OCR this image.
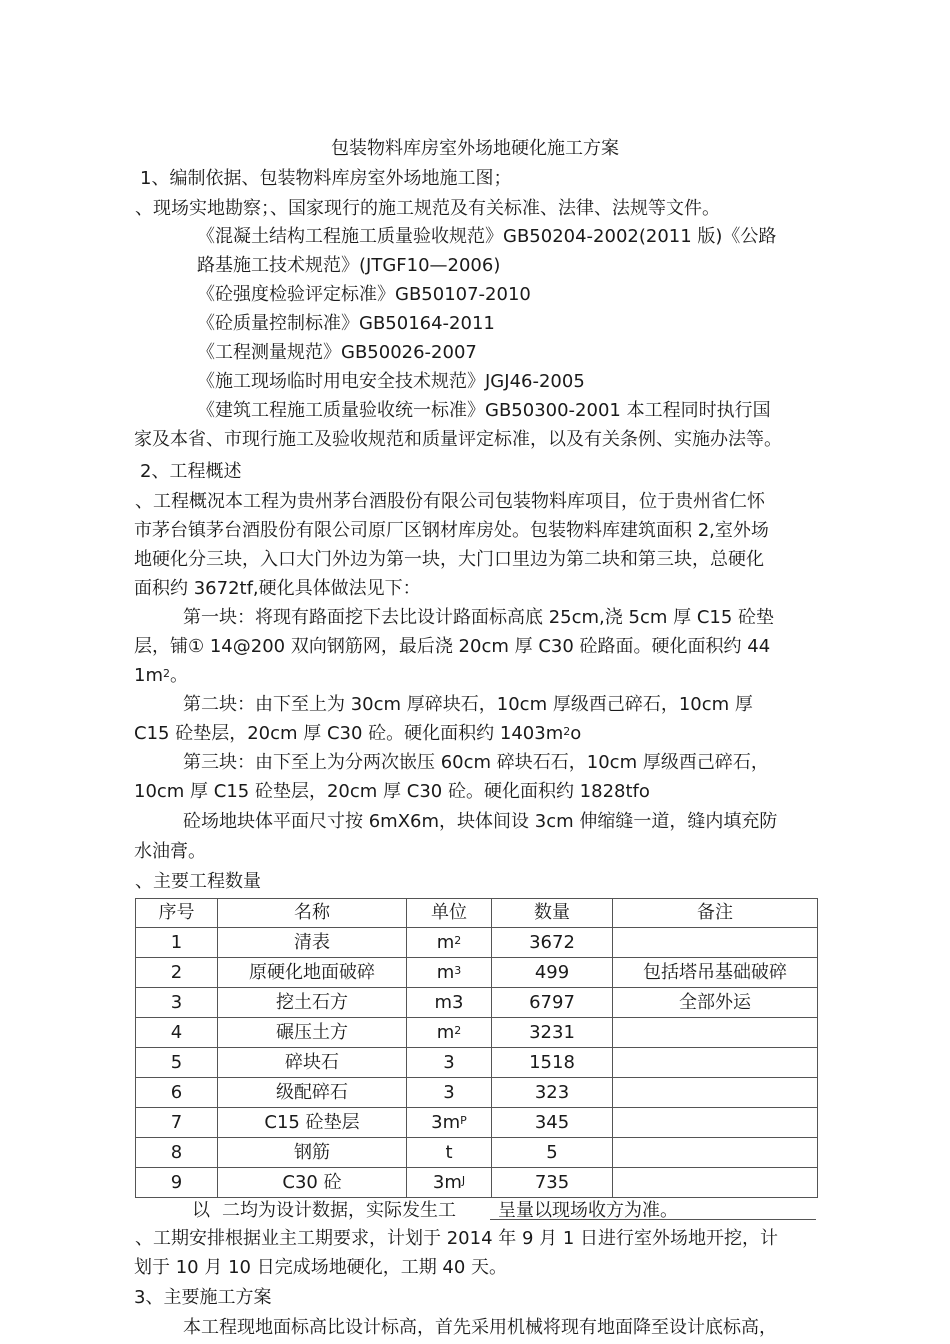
包装物料库房室外场地硬化施工方案
1、编制依据、包装物料库房室外场地施工图；
、现场实地勘察；、国家现行的施工规范及有关标准、法律、法规等文件。
《混凝土结构工程施工质量验收规范》GB50204-2002(2011 版)《公路
路基施工技术规范》(JTGF10—2006)
《砼强度检验评定标准》GB50107-2010
《砼质量控制标准》GB50164-2011
《工程测量规范》GB50026-2007
《施工现场临时用电安全技术规范》JGJ46-2005
《建筑工程施工质量验收统一标准》GB50300-2001 本工程同时执行国
家及本省、市现行施工及验收规范和质量评定标准，以及有关条例、实施办法等。
2、工程概述
、工程概况本工程为贵州茅台酒股份有限公司包装物料库项目，位于贵州省仁怀
市茅台镇茅台酒股份有限公司原厂区钢材库房处。包装物料库建筑面积 2,室外场
地硬化分三块，入口大门外边为第一块，大门口里边为第二块和第三块，总硬化
面积约 3672tf,硬化具体做法见下：
第一块：将现有路面挖下去比设计路面标高底 25cm,浇 5cm 厚 C15 砼垫
层，铺① 14@200 双向钢筋网，最后浇 20cm 厚 C30 砼路面。硬化面积约 44
$1m^2$。
第二块：由下至上为 30cm 厚碎块石，10cm 厚级酉己碎石，10cm 厚
C15 砼垫层，20cm 厚 C30 砼。硬化面积约 $1403m^2o$
第三块：由下至上为分两次嵌压 60cm 碎块石石，10cm 厚级酉己碎石，
10cm 厚 C15 砼垫层，20cm 厚 C30 砼。硬化面积约 1828tfo
砼场地块体平面尺寸按 6mX6m，块体间设 3cm 伸缩缝一道，缝内填充防
水油膏。
、主要工程数量
序号	名称	单位	数量	备注
1	清表	$m^2$	3672	
2	原硬化地面破碎	$m^3$	499	包括塔吊基础破碎
3	挖土石方	m3	6797	全部外运
4	碾压土方	$m^2$	3231	
5	碎块石	3	1518	
6	级配碎石	3	323	
7	C15 砼垫层	$3m^P$	345	
8	钢筋	t	5	
9	C30 砼	$3m^J$	735	
以 二均为设计数据，实际发生工 呈量以现场收方为准。
、工期安排根据业主工期要求，计划于 2014 年 9 月 1 日进行室外场地开挖，计
划于 10 月 10 日完成场地硬化，工期 40 天。
3、主要施工方案
本工程现地面标高比设计标高，首先采用机械将现有地面降至设计底标高，
